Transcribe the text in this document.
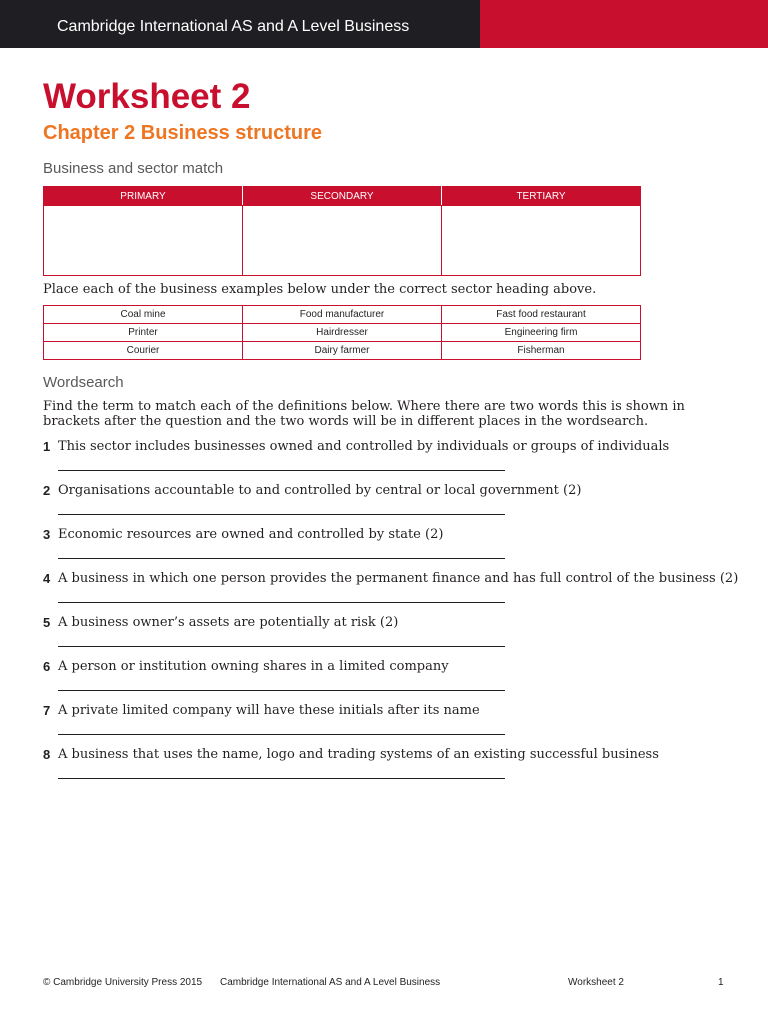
Cambridge International AS and A Level Business
Worksheet 2
Chapter 2 Business structure
Business and sector match
PRIMARY	SECONDARY	TERTIARY

Place each of the business examples below under the correct sector heading above.
Coal mine	Food manufacturer	Fast food restaurant
Printer	Hairdresser	Engineering firm
Courier	Dairy farmer	Fisherman
Wordsearch
Find the term to match each of the definitions below. Where there are two words this is shown in brackets after the question and the two words will be in different places in the wordsearch.
1 This sector includes businesses owned and controlled by individuals or groups of individuals
2 Organisations accountable to and controlled by central or local government (2)
3 Economic resources are owned and controlled by state (2)
4 A business in which one person provides the permanent finance and has full control of the business (2)
5 A business owner’s assets are potentially at risk (2)
6 A person or institution owning shares in a limited company
7 A private limited company will have these initials after its name
8 A business that uses the name, logo and trading systems of an existing successful business
© Cambridge University Press 2015 Cambridge International AS and A Level Business	Worksheet 2	1
